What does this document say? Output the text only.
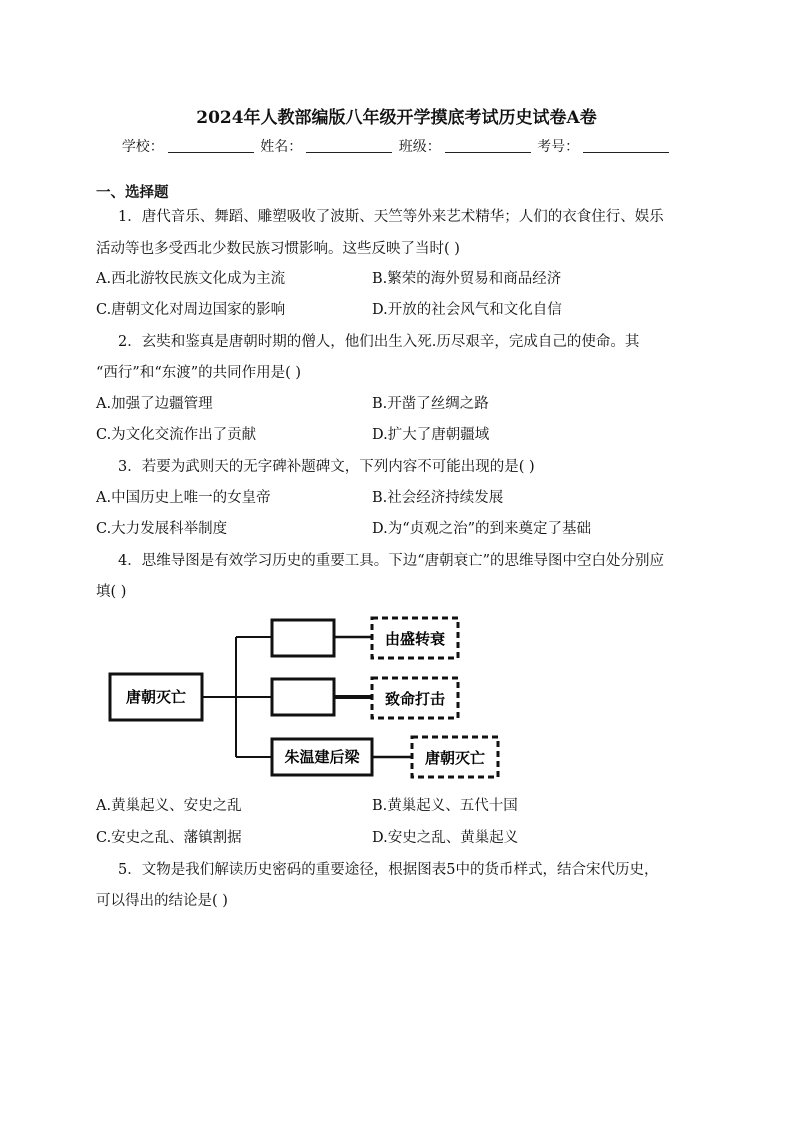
2024年人教部编版八年级开学摸底考试历史试卷A卷
学校：	姓名：	班级：	考号：
一、选择题
1．唐代音乐、舞蹈、雕塑吸收了波斯、天竺等外来艺术精华；人们的衣食住行、娱乐
活动等也多受西北少数民族习惯影响。这些反映了当时( )
A.西北游牧民族文化成为主流	B.繁荣的海外贸易和商品经济
C.唐朝文化对周边国家的影响	D.开放的社会风气和文化自信
2．玄奘和鉴真是唐朝时期的僧人，他们出生入死.历尽艰辛，完成自己的使命。其
“西行”和“东渡”的共同作用是( )
A.加强了边疆管理	B.开凿了丝绸之路
C.为文化交流作出了贡献	D.扩大了唐朝疆域
3．若要为武则天的无字碑补题碑文，下列内容不可能出现的是( )
A.中国历史上唯一的女皇帝	B.社会经济持续发展
C.大力发展科举制度	D.为“贞观之治”的到来奠定了基础
4．思维导图是有效学习历史的重要工具。下边“唐朝衰亡”的思维导图中空白处分别应
填( )
唐朝灭亡
朱温建后梁
由盛转衰
致命打击
唐朝灭亡
A.黄巢起义、安史之乱	B.黄巢起义、五代十国
C.安史之乱、藩镇割据	D.安史之乱、黄巢起义
5．文物是我们解读历史密码的重要途径，根据图表5中的货币样式，结合宋代历史，
可以得出的结论是( )
